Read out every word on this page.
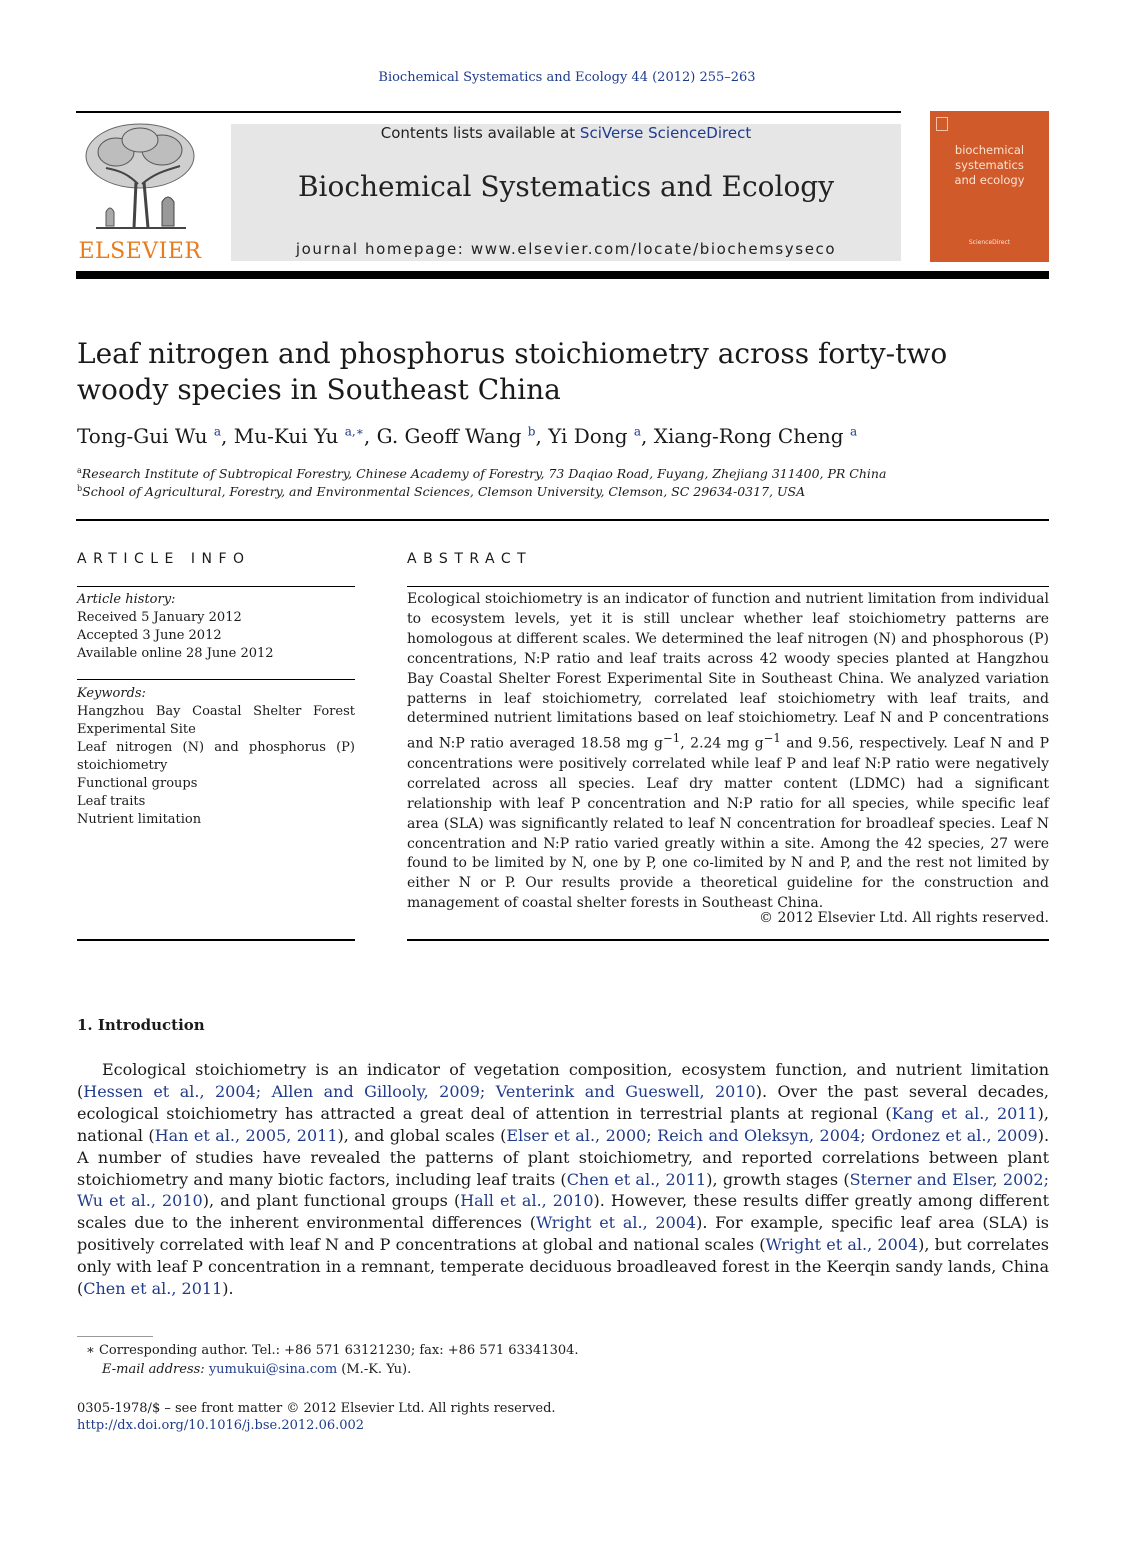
Biochemical Systematics and Ecology 44 (2012) 255–263
ELSEVIER
Contents lists available at SciVerse ScienceDirect
Biochemical Systematics and Ecology
journal homepage: www.elsevier.com/locate/biochemsyseco
biochemical
systematics
and ecology
ScienceDirect
Leaf nitrogen and phosphorus stoichiometry across forty-two woody species in Southeast China
Tong-Gui Wu $^a$, Mu-Kui Yu $^{a,∗}$, G. Geoff Wang $^b$, Yi Dong $^a$, Xiang-Rong Cheng $^a$
$^a$Research Institute of Subtropical Forestry, Chinese Academy of Forestry, 73 Daqiao Road, Fuyang, Zhejiang 311400, PR China
$^b$School of Agricultural, Forestry, and Environmental Sciences, Clemson University, Clemson, SC 29634-0317, USA
ARTICLE INFO
Article history:
Received 5 January 2012
Accepted 3 June 2012
Available online 28 June 2012
Keywords:
Hangzhou Bay Coastal Shelter Forest Experimental Site
Leaf nitrogen (N) and phosphorus (P) stoichiometry
Functional groups
Leaf traits
Nutrient limitation
ABSTRACT
Ecological stoichiometry is an indicator of function and nutrient limitation from individual to ecosystem levels, yet it is still unclear whether leaf stoichiometry patterns are homologous at different scales. We determined the leaf nitrogen (N) and phosphorous (P) concentrations, N:P ratio and leaf traits across 42 woody species planted at Hangzhou Bay Coastal Shelter Forest Experimental Site in Southeast China. We analyzed variation patterns in leaf stoichiometry, correlated leaf stoichiometry with leaf traits, and determined nutrient limitations based on leaf stoichiometry. Leaf N and P concentrations and N:P ratio averaged 18.58 mg $g^{-1}$, 2.24 mg $g^{-1}$ and 9.56, respectively. Leaf N and P concentrations were positively correlated while leaf P and leaf N:P ratio were negatively correlated across all species. Leaf dry matter content (LDMC) had a significant relationship with leaf P concentration and N:P ratio for all species, while specific leaf area (SLA) was significantly related to leaf N concentration for broadleaf species. Leaf N concentration and N:P ratio varied greatly within a site. Among the 42 species, 27 were found to be limited by N, one by P, one co-limited by N and P, and the rest not limited by either N or P. Our results provide a theoretical guideline for the construction and management of coastal shelter forests in Southeast China.
© 2012 Elsevier Ltd. All rights reserved.
1. Introduction
Ecological stoichiometry is an indicator of vegetation composition, ecosystem function, and nutrient limitation (Hessen et al., 2004; Allen and Gillooly, 2009; Venterink and Gueswell, 2010). Over the past several decades, ecological stoichiometry has attracted a great deal of attention in terrestrial plants at regional (Kang et al., 2011), national (Han et al., 2005, 2011), and global scales (Elser et al., 2000; Reich and Oleksyn, 2004; Ordonez et al., 2009). A number of studies have revealed the patterns of plant stoichiometry, and reported correlations between plant stoichiometry and many biotic factors, including leaf traits (Chen et al., 2011), growth stages (Sterner and Elser, 2002; Wu et al., 2010), and plant functional groups (Hall et al., 2010). However, these results differ greatly among different scales due to the inherent environmental differences (Wright et al., 2004). For example, specific leaf area (SLA) is positively correlated with leaf N and P concentrations at global and national scales (Wright et al., 2004), but correlates only with leaf P concentration in a remnant, temperate deciduous broadleaved forest in the Keerqin sandy lands, China (Chen et al., 2011).
∗ Corresponding author. Tel.: +86 571 63121230; fax: +86 571 63341304.
E-mail address: yumukui@sina.com (M.-K. Yu).
0305-1978/$ – see front matter © 2012 Elsevier Ltd. All rights reserved.
http://dx.doi.org/10.1016/j.bse.2012.06.002
